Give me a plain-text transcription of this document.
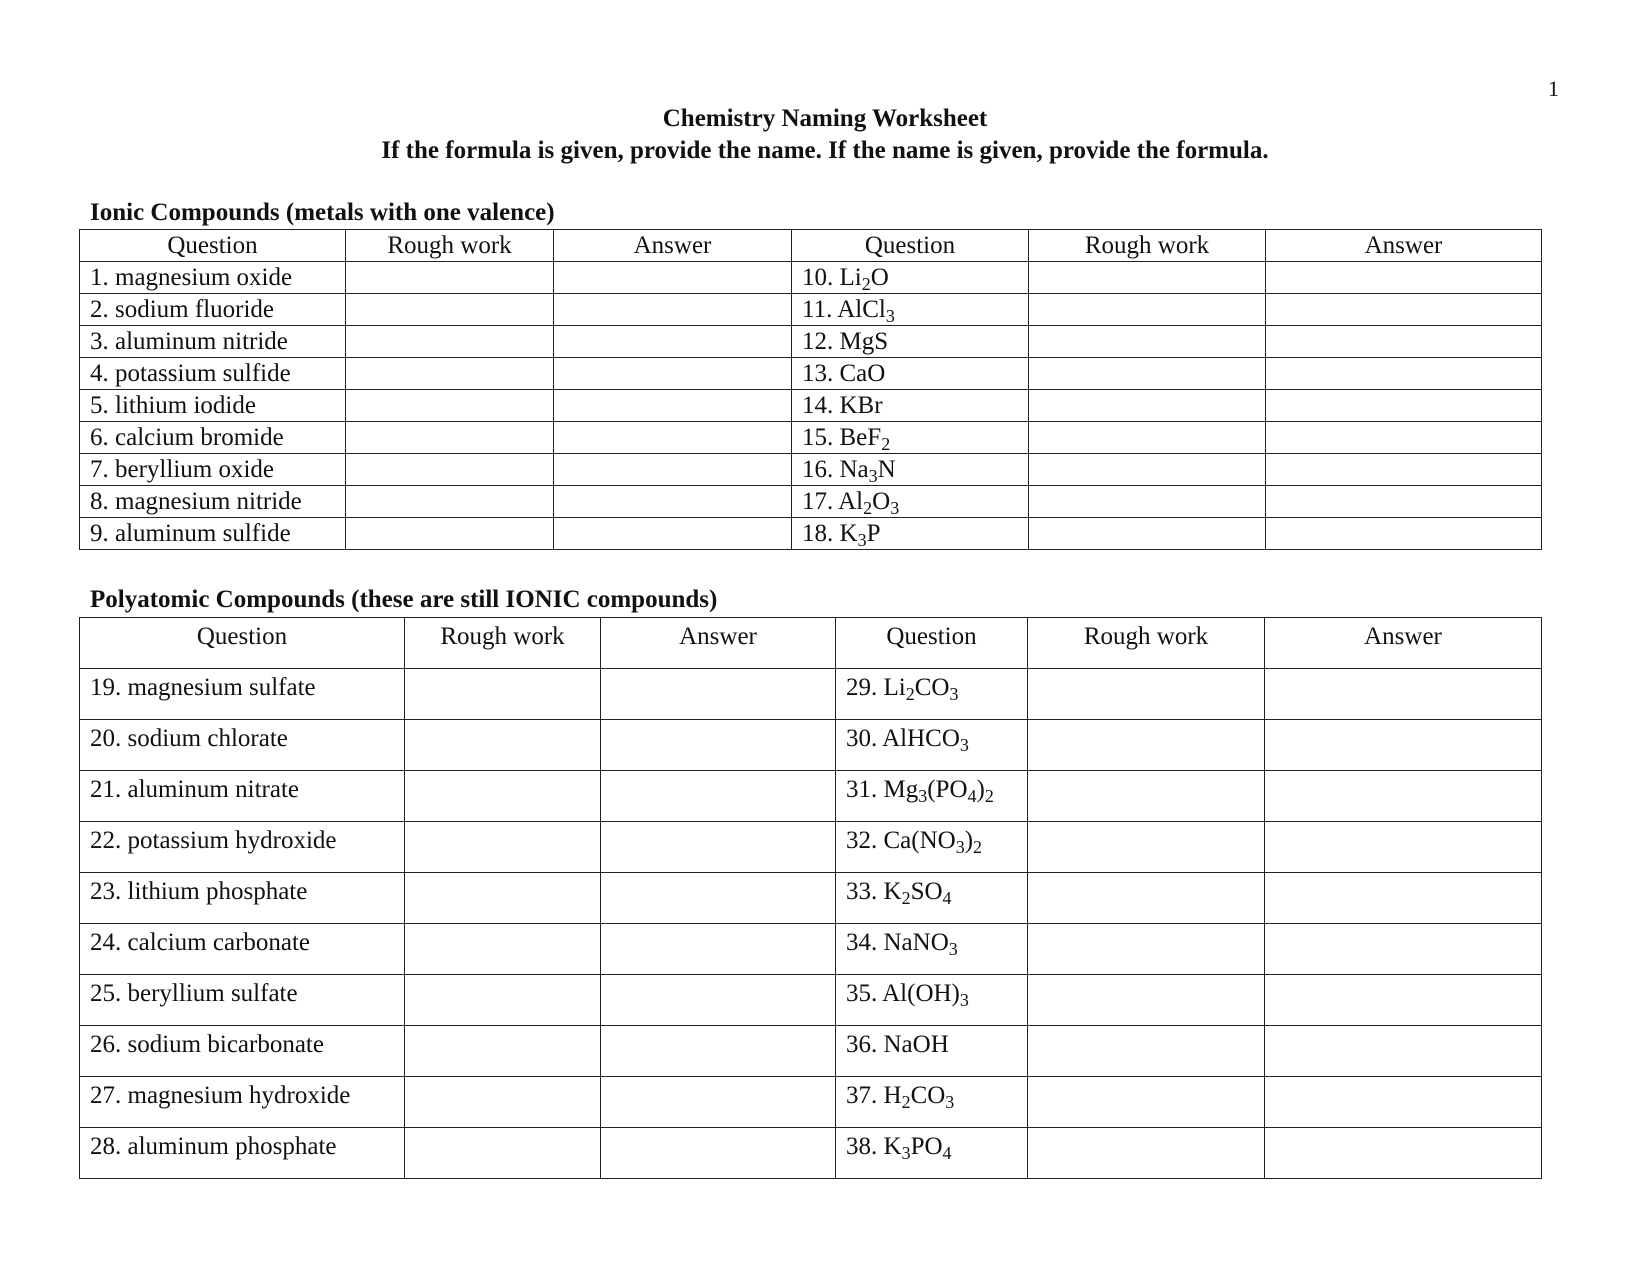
1
Chemistry Naming Worksheet
If the formula is given, provide the name. If the name is given, provide the formula.
Ionic Compounds (metals with one valence)
Question	Rough work	Answer	Question	Rough work	Answer
1. magnesium oxide			10. $Li_2O$		
2. sodium fluoride			11. AlCl$_3$		
3. aluminum nitride			12. MgS		
4. potassium sulfide			13. CaO		
5. lithium iodide			14. KBr		
6. calcium bromide			15. BeF$_2$		
7. beryllium oxide			16. $Na_3N$		
8. magnesium nitride			17. $Al_2O_3$		
9. aluminum sulfide			18. $K_3P$		
Polyatomic Compounds (these are still IONIC compounds)
Question	Rough work	Answer	Question	Rough work	Answer
19. magnesium sulfate			29. $Li_2CO_3$		
20. sodium chlorate			30. AlHCO$_3$		
21. aluminum nitrate			31. $Mg_3(PO_4)_2$		
22. potassium hydroxide			32. $Ca(NO_3)_2$		
23. lithium phosphate			33. $K_2SO_4$		
24. calcium carbonate			34. NaNO$_3$		
25. beryllium sulfate			35. $Al(OH)_3$		
26. sodium bicarbonate			36. NaOH		
27. magnesium hydroxide			37. $H_2CO_3$		
28. aluminum phosphate			38. $K_3PO_4$		
